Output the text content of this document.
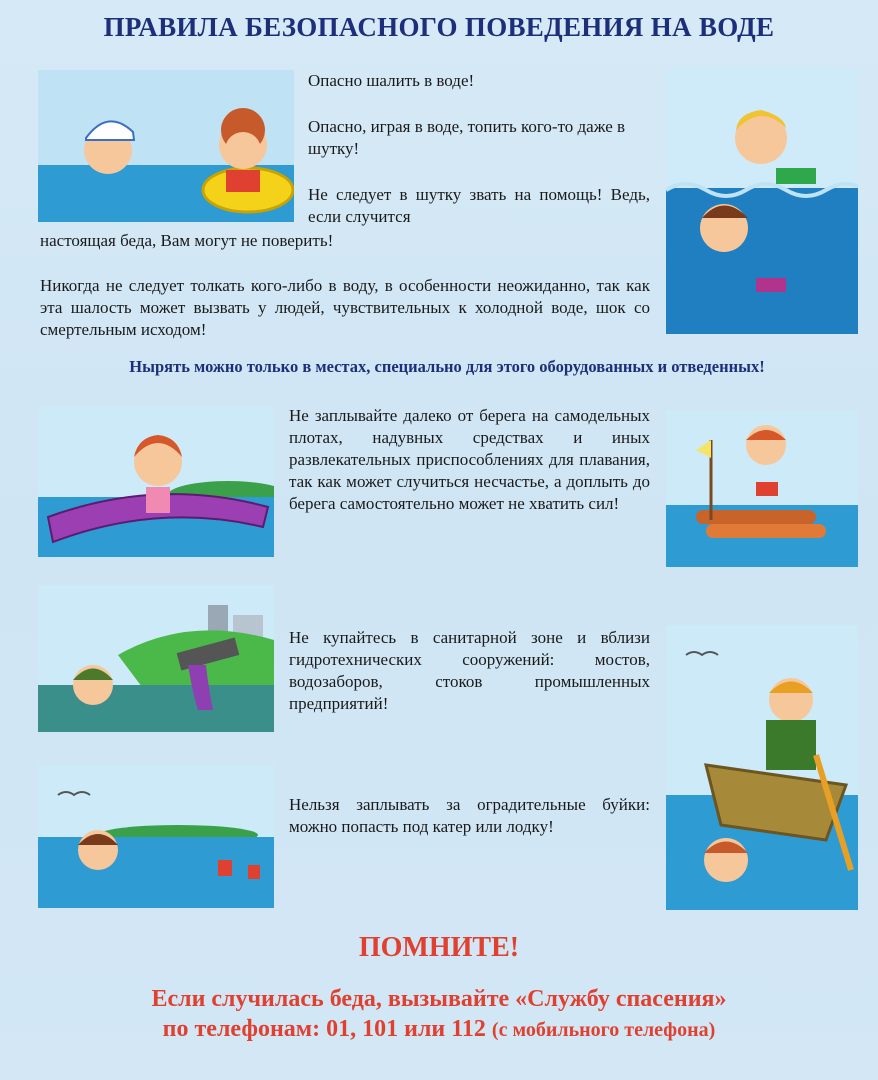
ПРАВИЛА БЕЗОПАСНОГО ПОВЕДЕНИЯ НА ВОДЕ

Опасно шалить в воде!

Опасно, играя в воде, топить кого-то даже в шутку!

Не следует в шутку звать на помощь! Ведь, если случится

настоящая беда, Вам могут не поверить!

Никогда не следует толкать кого-либо в воду, в особенности неожиданно, так как эта шалость может вызвать у людей, чувствительных к холодной воде, шок со смертельным исходом!

Нырять можно только в местах, специально для этого оборудованных и отведенных!

Не заплывайте далеко от берега на самодельных плотах, надувных средствах и иных развлекательных приспособлениях для плавания, так как может случиться несчастье, а доплыть до берега самостоятельно может не хватить сил!

Не купайтесь в санитарной зоне и вблизи гидротехнических сооружений: мостов, водозаборов, стоков промышленных предприятий!

Нельзя заплывать за оградительные буйки: можно попасть под катер или лодку!

ПОМНИТЕ!
Если случилась беда, вызывайте «Службу спасения»
по телефонам: 01, 101 или 112 (с мобильного телефона)
